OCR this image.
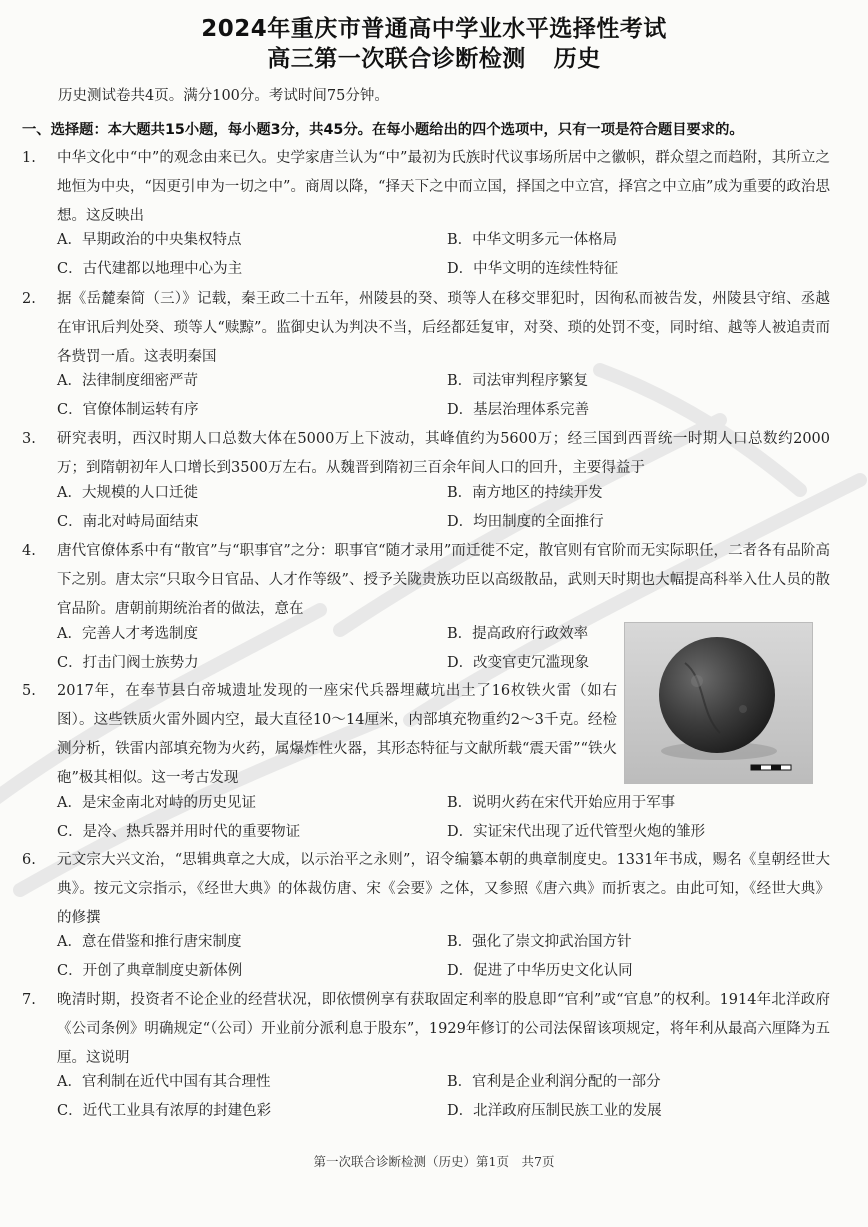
2024年重庆市普通高中学业水平选择性考试
高三第一次联合诊断检测 历史
历史测试卷共4页。满分100分。考试时间75分钟。
一、选择题：本大题共15小题，每小题3分，共45分。在每小题给出的四个选项中，只有一项是符合题目要求的。
1.	中华文化中“中”的观念由来已久。史学家唐兰认为“中”最初为氏族时代议事场所居中之徽帜，群众望之而趋附，其所立之地恒为中央，“因更引申为一切之中”。商周以降，“择天下之中而立国，择国之中立宫，择宫之中立庙”成为重要的政治思想。这反映出
A．早期政治的中央集权特点	B．中华文明多元一体格局
C．古代建都以地理中心为主	D．中华文明的连续性特征
2.	据《岳麓秦简（三）》记载，秦王政二十五年，州陵县的癸、琐等人在移交罪犯时，因徇私而被告发，州陵县守绾、丞越在审讯后判处癸、琐等人“赎黥”。监御史认为判决不当，后经都廷复审，对癸、琐的处罚不变，同时绾、越等人被追责而各赀罚一盾。这表明秦国
A．法律制度细密严苛	B．司法审判程序繁复
C．官僚体制运转有序	D．基层治理体系完善
3.	研究表明，西汉时期人口总数大体在5000万上下波动，其峰值约为5600万；经三国到西晋统一时期人口总数约2000万；到隋朝初年人口增长到3500万左右。从魏晋到隋初三百余年间人口的回升，主要得益于
A．大规模的人口迁徙	B．南方地区的持续开发
C．南北对峙局面结束	D．均田制度的全面推行
4.	唐代官僚体系中有“散官”与“职事官”之分：职事官“随才录用”而迁徙不定，散官则有官阶而无实际职任，二者各有品阶高下之别。唐太宗“只取今日官品、人才作等级”、授予关陇贵族功臣以高级散品，武则天时期也大幅提高科举入仕人员的散官品阶。唐朝前期统治者的做法，意在
A．完善人才考选制度	B．提高政府行政效率
C．打击门阀士族势力	D．改变官吏冗滥现象
5.	2017年，在奉节县白帝城遗址发现的一座宋代兵器埋藏坑出土了16枚铁火雷（如右图）。这些铁质火雷外圆内空，最大直径10～14厘米，内部填充物重约2～3千克。经检测分析，铁雷内部填充物为火药，属爆炸性火器，其形态特征与文献所载“震天雷”“铁火砲”极其相似。这一考古发现
A．是宋金南北对峙的历史见证	B．说明火药在宋代开始应用于军事
C．是冷、热兵器并用时代的重要物证	D．实证宋代出现了近代管型火炮的雏形
6.	元文宗大兴文治，“思辑典章之大成，以示治平之永则”，诏令编纂本朝的典章制度史。1331年书成，赐名《皇朝经世大典》。按元文宗指示，《经世大典》的体裁仿唐、宋《会要》之体，又参照《唐六典》而折衷之。由此可知，《经世大典》的修撰
A．意在借鉴和推行唐宋制度	B．强化了崇文抑武治国方针
C．开创了典章制度史新体例	D．促进了中华历史文化认同
7.	晚清时期，投资者不论企业的经营状况，即依惯例享有获取固定利率的股息即“官利”或“官息”的权利。1914年北洋政府《公司条例》明确规定“（公司）开业前分派利息于股东”，1929年修订的公司法保留该项规定，将年利从最高六厘降为五厘。这说明
A．官利制在近代中国有其合理性	B．官利是企业利润分配的一部分
C．近代工业具有浓厚的封建色彩	D．北洋政府压制民族工业的发展
第一次联合诊断检测（历史）第1页　共7页
